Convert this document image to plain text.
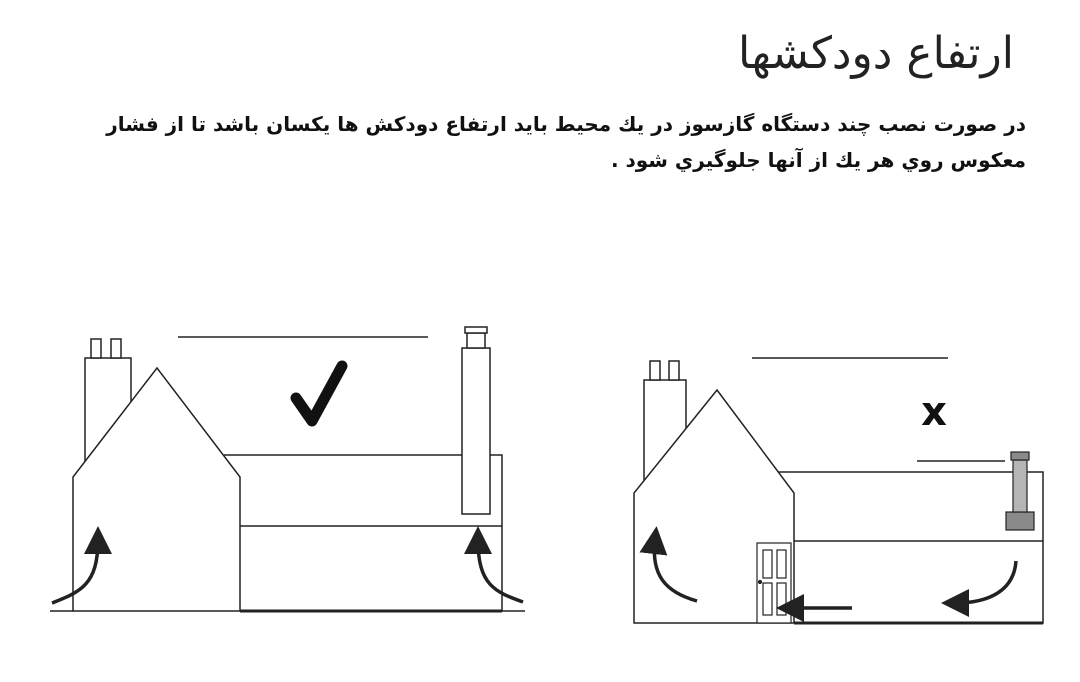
ارتفاع دودکشها
در صورت نصب چند دستگاه گازسوز در يك محيط بايد ارتفاع دودكش ها يكسان باشد تا از فشار معكوس روي هر يك از آنها جلوگيري شود .
x
